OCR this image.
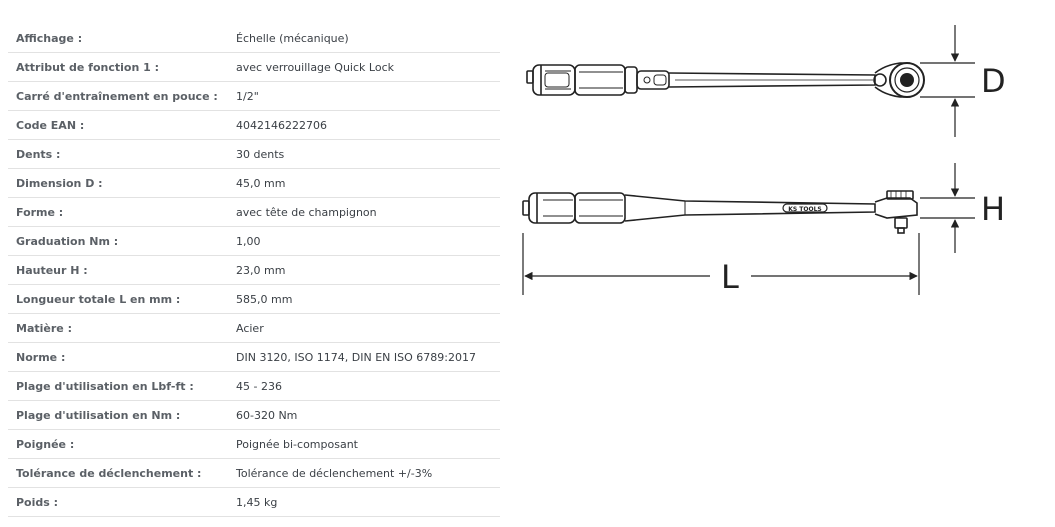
Affichage :	Échelle (mécanique)
Attribut de fonction 1 :	avec verrouillage Quick Lock
Carré d'entraînement en pouce :	1/2"
Code EAN :	4042146222706
Dents :	30 dents
Dimension D :	45,0 mm
Forme :	avec tête de champignon
Graduation Nm :	1,00
Hauteur H :	23,0 mm
Longueur totale L en mm :	585,0 mm
Matière :	Acier
Norme :	DIN 3120, ISO 1174, DIN EN ISO 6789:2017
Plage d'utilisation en Lbf-ft :	45 - 236
Plage d'utilisation en Nm :	60-320 Nm
Poignée :	Poignée bi-composant
Tolérance de déclenchement :	Tolérance de déclenchement +/-3%
Poids :	1,45 kg
D
KS TOOLS	H
L
